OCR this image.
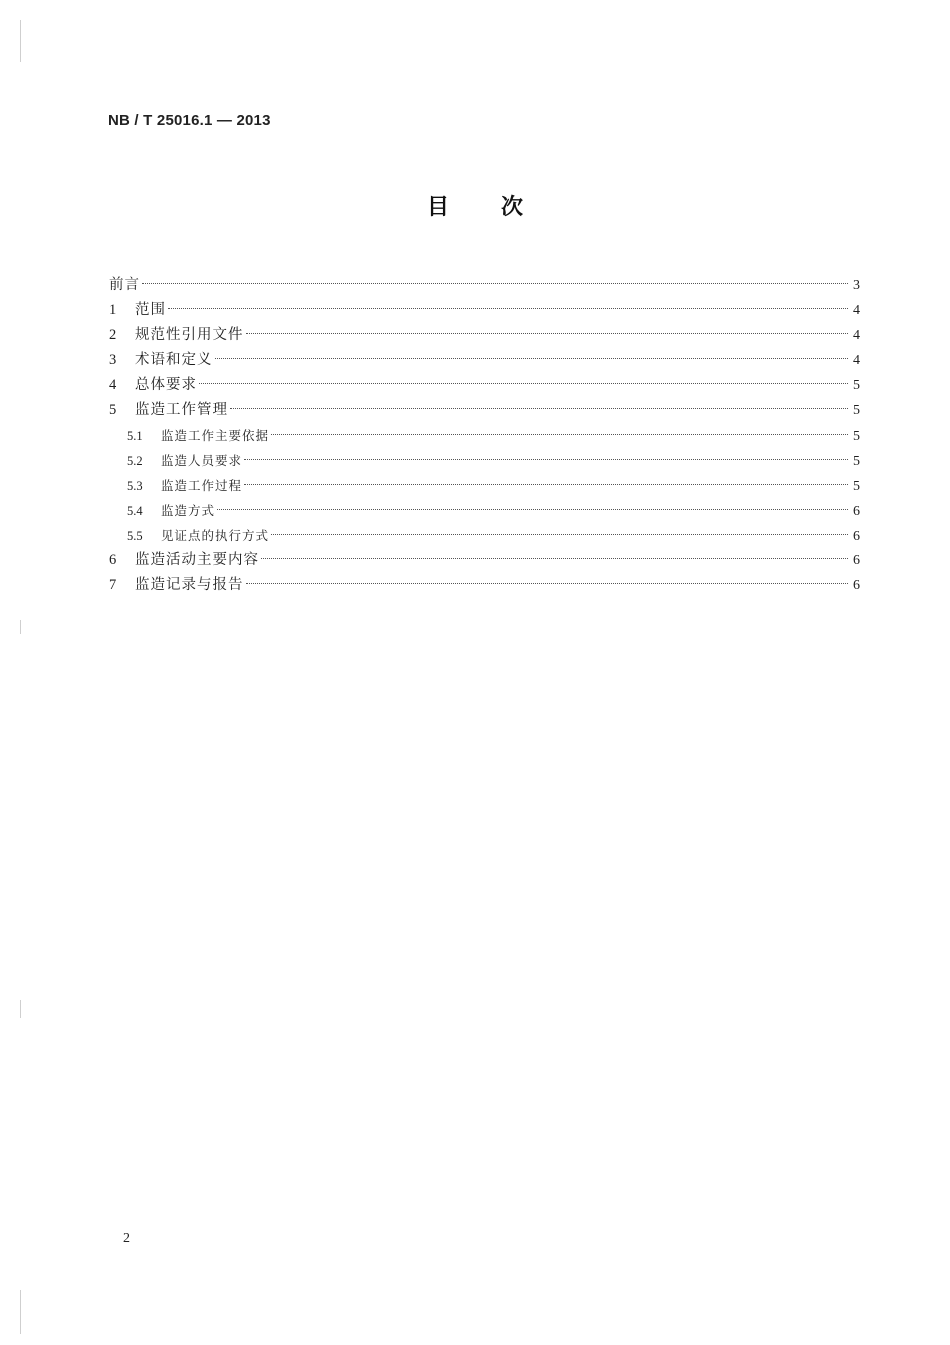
NB / T 25016.1 — 2013
目 次
前言	3
1	范围	4
2	规范性引用文件	4
3	术语和定义	4
4	总体要求	5
5	监造工作管理	5
5.1	监造工作主要依据	5
5.2	监造人员要求	5
5.3	监造工作过程	5
5.4	监造方式	6
5.5	见证点的执行方式	6
6	监造活动主要内容	6
7	监造记录与报告	6
2
